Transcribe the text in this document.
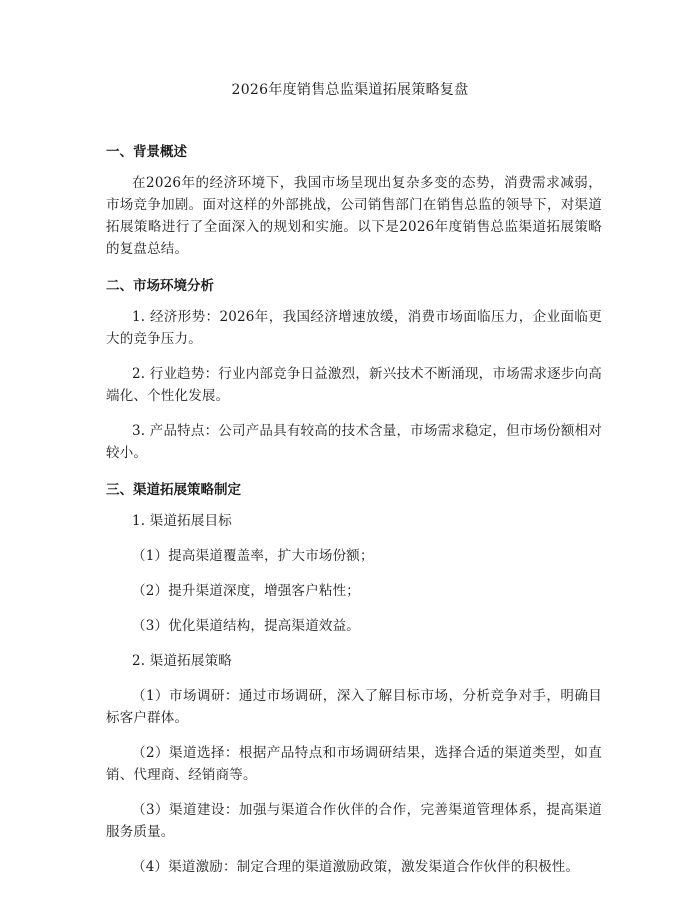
2026年度销售总监渠道拓展策略复盘
一、背景概述
在2026年的经济环境下，我国市场呈现出复杂多变的态势，消费需求减弱，市场竞争加剧。面对这样的外部挑战，公司销售部门在销售总监的领导下，对渠道拓展策略进行了全面深入的规划和实施。以下是2026年度销售总监渠道拓展策略的复盘总结。
二、市场环境分析
1. 经济形势：2026年，我国经济增速放缓，消费市场面临压力，企业面临更大的竞争压力。
2. 行业趋势：行业内部竞争日益激烈，新兴技术不断涌现，市场需求逐步向高端化、个性化发展。
3. 产品特点：公司产品具有较高的技术含量，市场需求稳定，但市场份额相对较小。
三、渠道拓展策略制定
1. 渠道拓展目标
（1）提高渠道覆盖率，扩大市场份额；
（2）提升渠道深度，增强客户粘性；
（3）优化渠道结构，提高渠道效益。
2. 渠道拓展策略
（1）市场调研：通过市场调研，深入了解目标市场，分析竞争对手，明确目标客户群体。
（2）渠道选择：根据产品特点和市场调研结果，选择合适的渠道类型，如直销、代理商、经销商等。
（3）渠道建设：加强与渠道合作伙伴的合作，完善渠道管理体系，提高渠道服务质量。
（4）渠道激励：制定合理的渠道激励政策，激发渠道合作伙伴的积极性。
